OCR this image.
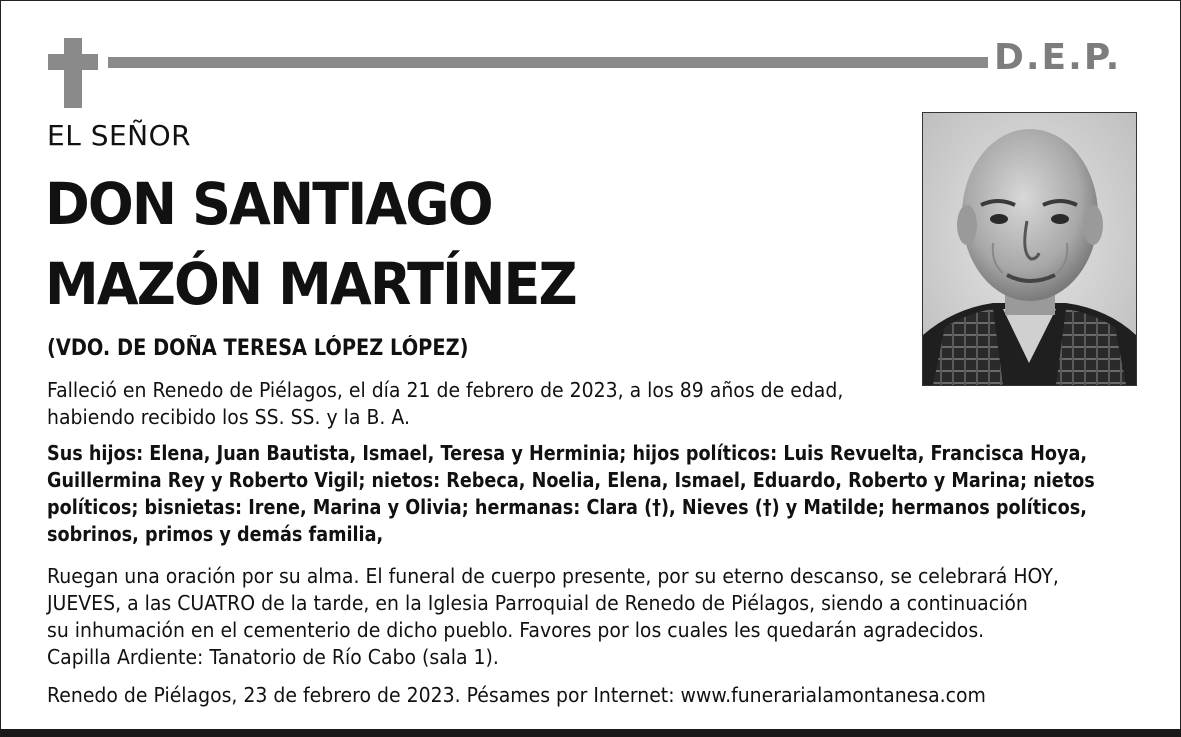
D.E.P.
EL SEÑOR
DON SANTIAGO
MAZÓN MARTÍNEZ
(VDO. DE DOÑA TERESA LÓPEZ LÓPEZ)
Falleció en Renedo de Piélagos, el día 21 de febrero de 2023, a los 89 años de edad,
habiendo recibido los SS. SS. y la B. A.
Sus hijos: Elena, Juan Bautista, Ismael, Teresa y Herminia; hijos políticos: Luis Revuelta, Francisca Hoya,
Guillermina Rey y Roberto Vigil; nietos: Rebeca, Noelia, Elena, Ismael, Eduardo, Roberto y Marina; nietos
políticos; bisnietas: Irene, Marina y Olivia; hermanas: Clara (†), Nieves (†) y Matilde; hermanos políticos,
sobrinos, primos y demás familia,
Ruegan una oración por su alma. El funeral de cuerpo presente, por su eterno descanso, se celebrará HOY,
JUEVES, a las CUATRO de la tarde, en la Iglesia Parroquial de Renedo de Piélagos, siendo a continuación
su inhumación en el cementerio de dicho pueblo. Favores por los cuales les quedarán agradecidos.
Capilla Ardiente: Tanatorio de Río Cabo (sala 1).
Renedo de Piélagos, 23 de febrero de 2023. Pésames por Internet: www.funerarialamontanesa.com
